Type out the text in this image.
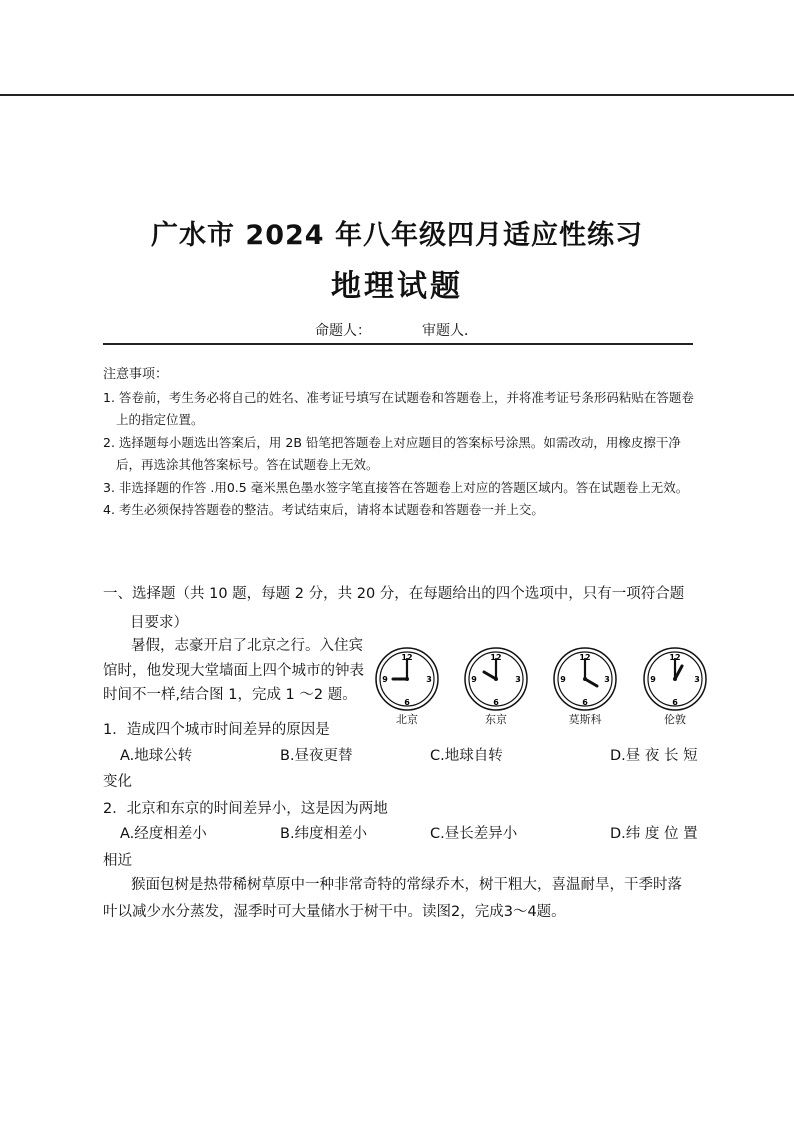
广水市 2024 年八年级四月适应性练习
地理试题
命题人：	审题人．
注意事项：
1. 答卷前，考生务必将自己的姓名、准考证号填写在试题卷和答题卷上，并将准考证号条形码粘贴在答题卷上的指定位置。
2. 选择题每小题选出答案后，用 2B 铅笔把答题卷上对应题目的答案标号涂黑。如需改动，用橡皮擦干净后，再选涂其他答案标号。答在试题卷上无效。
3. 非选择题的作答 .用0.5 毫米黑色墨水签字笔直接答在答题卷上对应的答题区域内。答在试题卷上无效。
4. 考生必须保持答题卷的整洁。考试结束后，请将本试题卷和答题卷一并上交。
一、选择题（共 10 题，每题 2 分，共 20 分，在每题给出的四个选项中，只有一项符合题
目要求）
暑假，志豪开启了北京之行。入住宾
馆时，他发现大堂墙面上四个城市的钟表
时间不一样,结合图 1，完成 1 ～2 题。
12
3
6
9
12
3
6
9
12
3
6
9
12
3
6
9
北京	东京	莫斯科	伦敦
1．造成四个城市时间差异的原因是
A.地球公转	B.昼夜更替	C.地球自转	D.昼 夜 长 短
变化
2．北京和东京的时间差异小，这是因为两地
A.经度相差小	B.纬度相差小	C.昼长差异小	D.纬 度 位 置
相近
猴面包树是热带稀树草原中一种非常奇特的常绿乔木，树干粗大，喜温耐旱，干季时落
叶以减少水分蒸发，湿季时可大量储水于树干中。读图2，完成3～4题。
